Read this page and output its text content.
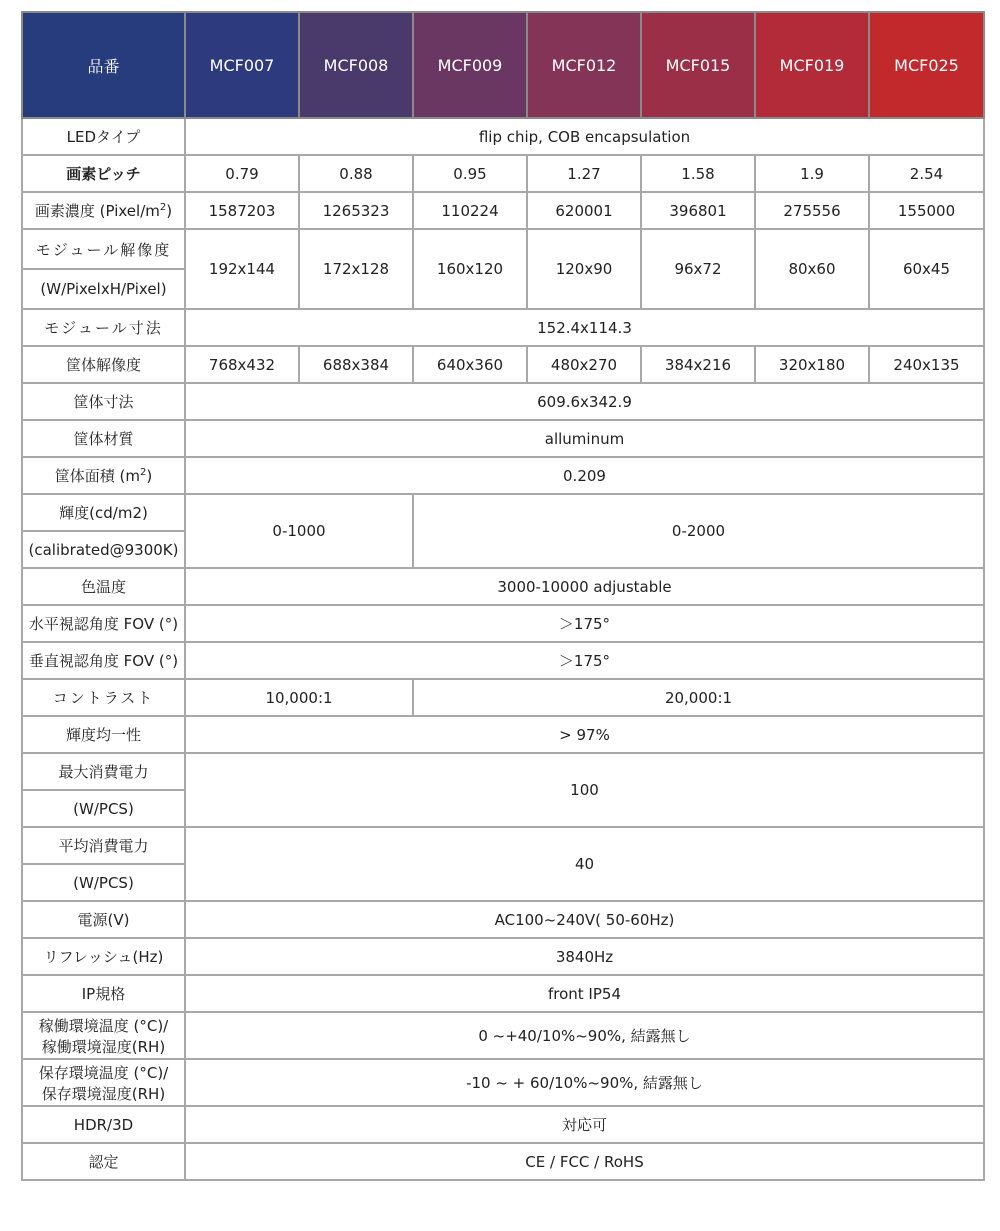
品番	MCF007	MCF008	MCF009	MCF012	MCF015	MCF019	MCF025
LEDタイプ	flip chip, COB encapsulation						
画素ピッチ	0.79	0.88	0.95	1.27	1.58	1.9	2.54
画素濃度 $(Pixel/m^2)$	1587203	1265323	110224	620001	396801	275556	155000
モジュール解像度	192x144	172x128	160x120	120x90	96x72	80x60	60x45
(W/PixelxH/Pixel)							
モジュール寸法	152.4x114.3						
筐体解像度	768x432	688x384	640x360	480x270	384x216	320x180	240x135
筐体寸法	609.6x342.9						
筐体材質	alluminum						
筐体面積 $(m^2)$	0.209						
輝度(cd/m2)	0-1000		0-2000				
(calibrated@9300K)							
色温度	3000-10000 adjustable						
水平視認角度 FOV (°)	＞175°						
垂直視認角度 FOV (°)	＞175°						
コントラスト	10,000:1		20,000:1				
輝度均一性	> 97%						
最大消費電力	100						
(W/PCS)							
平均消費電力	40						
(W/PCS)							
電源(V)	AC100~240V( 50-60Hz)						
リフレッシュ(Hz)	3840Hz						
IP規格	front IP54						

稼働環境温度 (°C)/
稼働環境湿度(RH)	0 ~+40/10%~90%, 結露無し						

保存環境温度 (°C)/
保存環境湿度(RH)	-10 ~ + 60/10%~90%, 結露無し						
HDR/3D	対応可						
認定	CE / FCC / RoHS						
